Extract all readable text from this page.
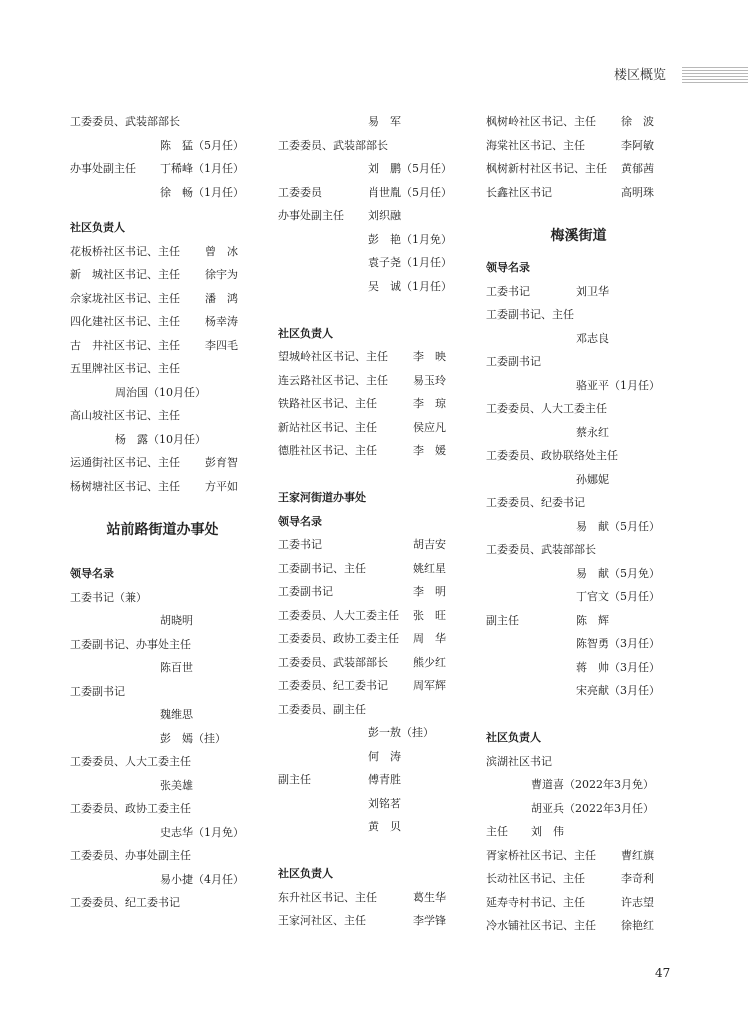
楼区概览
工委委员、武装部部长
陈　猛（5月任）
办事处副主任 丁稀峰（1月任）
徐　畅（1月任）
社区负责人
花板桥社区书记、主任 曾　冰
新　城社区书记、主任 徐宇为
佘家垅社区书记、主任 潘　鸿
四化建社区书记、主任 杨幸涛
古　井社区书记、主任 李四毛
五里牌社区书记、主任
周治国（10月任）
高山坡社区书记、主任
杨　露（10月任）
运通街社区书记、主任 彭育智
杨树塘社区书记、主任 方平如
站前路街道办事处
领导名录
工委书记（兼）
胡晓明
工委副书记、办事处主任
陈百世
工委副书记
魏维思
彭　嫣（挂）
工委委员、人大工委主任
张美雄
工委委员、政协工委主任
史志华（1月免）
工委委员、办事处副主任
易小捷（4月任）
工委委员、纪工委书记
易　军
工委委员、武装部部长
刘　鹏（5月任）
工委委员	肖世胤（5月任）
办事处副主任 刘织融
彭　艳（1月免）
袁子尧（1月任）
吴　诚（1月任）
社区负责人
望城岭社区书记、主任 李　映
连云路社区书记、主任 易玉玲
铁路社区书记、主任	李　琼
新站社区书记、主任	侯应凡
德胜社区书记、主任	李　媛
王家河街道办事处
领导名录
工委书记	胡吉安
工委副书记、主任	姚红星
工委副书记	李　明
工委委员、人大工委主任 张　旺
工委委员、政协工委主任 周　华
工委委员、武装部部长 熊少红
工委委员、纪工委书记 周军辉
工委委员、副主任
彭一敖（挂）
何　涛
副主任	傅青胜
刘铭茗
黄　贝
社区负责人
东升社区书记、主任	葛生华
王家河社区、主任	李学锋
枫树岭社区书记、主任 徐　波
海棠社区书记、主任	李阿敏
枫树新村社区书记、主任 黄郁茜
长鑫社区书记	高明珠
梅溪街道
领导名录
工委书记	刘卫华
工委副书记、主任
邓志良
工委副书记
骆亚平（1月任）
工委委员、人大工委主任
蔡永红
工委委员、政协联络处主任
孙娜妮
工委委员、纪委书记
易　献（5月任）
工委委员、武装部部长
易　献（5月免）
丁官文（5月任）
副主任	陈　辉
陈智勇（3月任）
蒋　帅（3月任）
宋亮献（3月任）
社区负责人
滨湖社区书记
曹道喜（2022年3月免）
胡亚兵（2022年3月任）
主任 刘　伟
胥家桥社区书记、主任 曹红旗
长动社区书记、主任	李奇利
延寿寺村书记、主任	许志望
冷水铺社区书记、主任 徐艳红
47
